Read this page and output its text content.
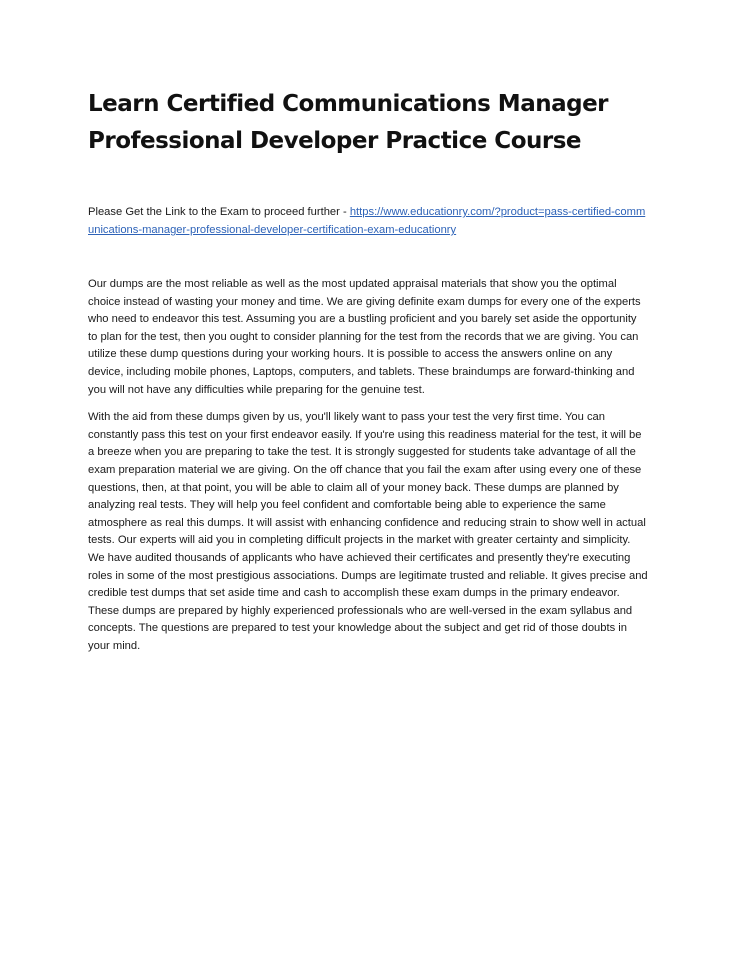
Learn Certified Communications Manager Professional Developer Practice Course

Please Get the Link to the Exam to proceed further - https://www.educationry.com/?product=pass-certified-communications-manager-professional-developer-certification-exam-educationry

Our dumps are the most reliable as well as the most updated appraisal materials that show you the optimal choice instead of wasting your money and time. We are giving definite exam dumps for every one of the experts who need to endeavor this test. Assuming you are a bustling proficient and you barely set aside the opportunity to plan for the test, then you ought to consider planning for the test from the records that we are giving. You can utilize these dump questions during your working hours. It is possible to access the answers online on any device, including mobile phones, Laptops, computers, and tablets. These braindumps are forward-thinking and you will not have any difficulties while preparing for the genuine test.

With the aid from these dumps given by us, you'll likely want to pass your test the very first time. You can constantly pass this test on your first endeavor easily. If you're using this readiness material for the test, it will be a breeze when you are preparing to take the test. It is strongly suggested for students take advantage of all the exam preparation material we are giving. On the off chance that you fail the exam after using every one of these questions, then, at that point, you will be able to claim all of your money back. These dumps are planned by analyzing real tests. They will help you feel confident and comfortable being able to experience the same atmosphere as real this dumps. It will assist with enhancing confidence and reducing strain to show well in actual tests. Our experts will aid you in completing difficult projects in the market with greater certainty and simplicity. We have audited thousands of applicants who have achieved their certificates and presently they're executing roles in some of the most prestigious associations. Dumps are legitimate trusted and reliable. It gives precise and credible test dumps that set aside time and cash to accomplish these exam dumps in the primary endeavor. These dumps are prepared by highly experienced professionals who are well-versed in the exam syllabus and concepts. The questions are prepared to test your knowledge about the subject and get rid of those doubts in your mind.
